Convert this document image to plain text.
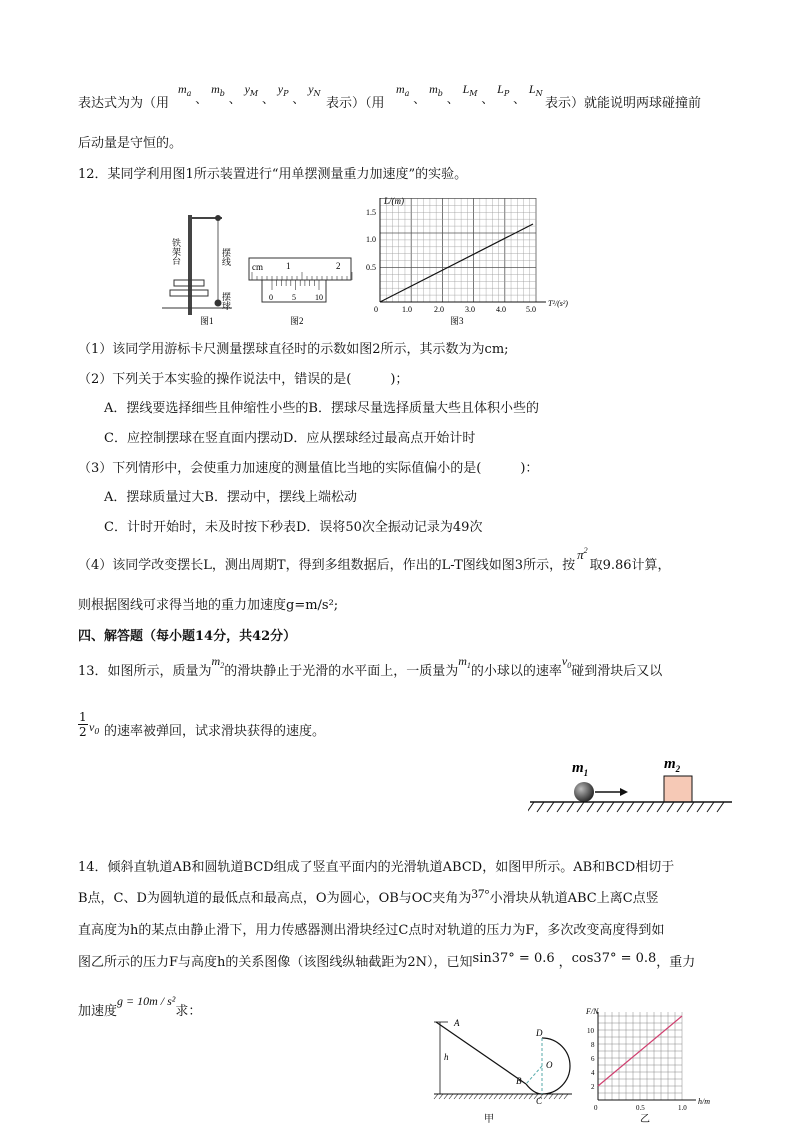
表达式为为（用
$m_a$ 、 $m_b$ 、 $y_M$ 、 $y_P$ 、 $y_N$
表示）（用
$m_a$ 、 $m_b$ 、 $L_M$ 、 $L_P$ 、 $L_N$
表示）就能说明两球碰撞前
后动量是守恒的。
12．某同学利用图1所示装置进行“用单摆测量重力加速度”的实验。
铁架台	摆线
摆球
图1
cm	1	2
0 5 10
图2
L/(m)
T²/(s²)
0.5
1.0
1.5
0	1.0	2.0	3.0	4.0	5.0
图3
（1）该同学用游标卡尺测量摆球直径时的示数如图2所示，其示数为为cm;
（2）下列关于本实验的操作说法中，错误的是(　　　)；
A．摆线要选择细些且伸缩性小些的B．摆球尽量选择质量大些且体积小些的
C．应控制摆球在竖直面内摆动D．应从摆球经过最高点开始计时
（3）下列情形中，会使重力加速度的测量值比当地的实际值偏小的是(　　　)：
A．摆球质量过大B．摆动中，摆线上端松动
C．计时开始时，未及时按下秒表D．误将50次全振动记录为49次
（4）该同学改变摆长L，测出周期T，得到多组数据后，作出的L-T图线如图3所示，按$\pi^2$取9.86计算，
则根据图线可求得当地的重力加速度g=m/s²;
四、解答题（每小题14分，共42分）
13．如图所示，质量为$m_2$的滑块静止于光滑的水平面上，一质量为$m_1$的小球以的速率$v_0$碰到滑块后又以
$\frac{1}{2} v_0$ 的速率被弹回，试求滑块获得的速度。
$m_1$
$m_2$
14．倾斜直轨道AB和圆轨道BCD组成了竖直平面内的光滑轨道ABCD，如图甲所示。AB和BCD相切于
B点，C、D为圆轨道的最低点和最高点，O为圆心，OB与OC夹角为37°小滑块从轨道ABC上离C点竖
直高度为h的某点由静止滑下，用力传感器测出滑块经过C点时对轨道的压力为F，多次改变高度得到如
图乙所示的压力F与高度h的关系图像（该图线纵轴截距为2N），已知sin37° = 0.6 ，cos37° = 0.8，重力
加速度g = 10m / s²求：
A
B
C
D
O
h
甲
F/N
h/m
2
4
6
8
10
0	0.5	1.0
乙
